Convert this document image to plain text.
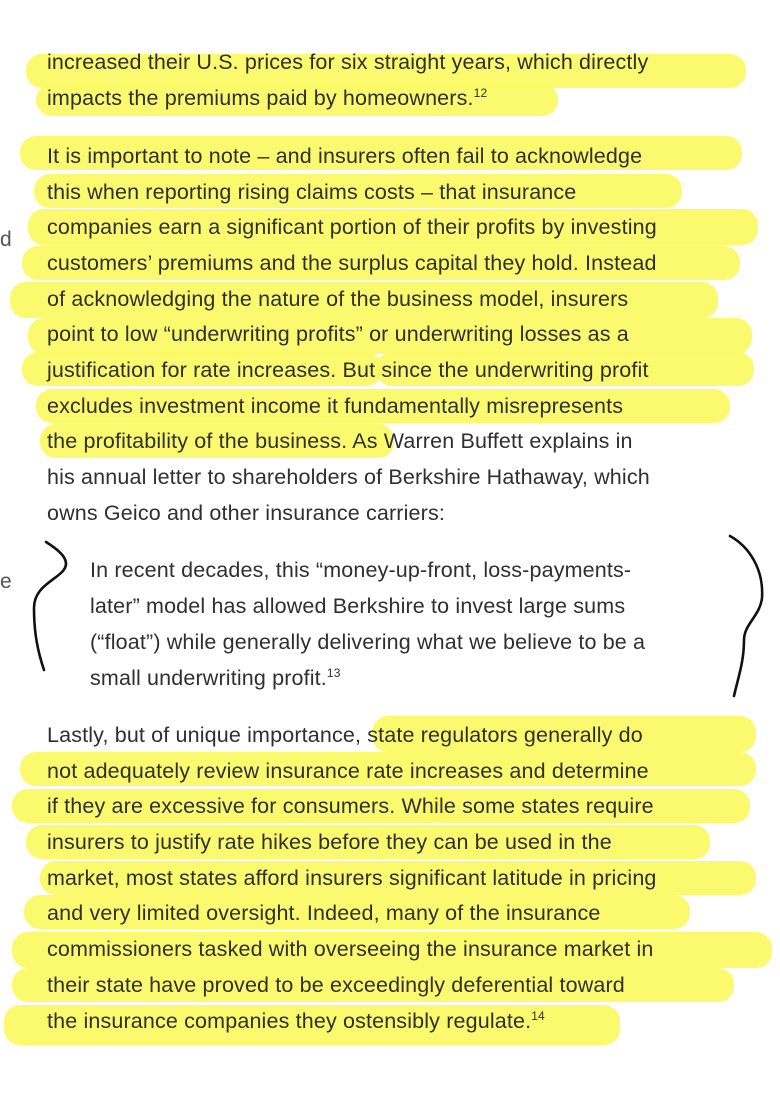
d
e
increased their U.S. prices for six straight years, which directly
impacts the premiums paid by homeowners.$^{12}$
It is important to note – and insurers often fail to acknowledge
this when reporting rising claims costs – that insurance
companies earn a significant portion of their profits by investing
customers’ premiums and the surplus capital they hold. Instead
of acknowledging the nature of the business model, insurers
point to low “underwriting profits” or underwriting losses as a
justification for rate increases. But since the underwriting profit
excludes investment income it fundamentally misrepresents
the profitability of the business. As Warren Buffett explains in
his annual letter to shareholders of Berkshire Hathaway, which
owns Geico and other insurance carriers:
In recent decades, this “money-up-front, loss-payments-
later” model has allowed Berkshire to invest large sums
(“float”) while generally delivering what we believe to be a
small underwriting profit.$^{13}$
Lastly, but of unique importance, state regulators generally do
not adequately review insurance rate increases and determine
if they are excessive for consumers. While some states require
insurers to justify rate hikes before they can be used in the
market, most states afford insurers significant latitude in pricing
and very limited oversight. Indeed, many of the insurance
commissioners tasked with overseeing the insurance market in
their state have proved to be exceedingly deferential toward
the insurance companies they ostensibly regulate.$^{14}$
